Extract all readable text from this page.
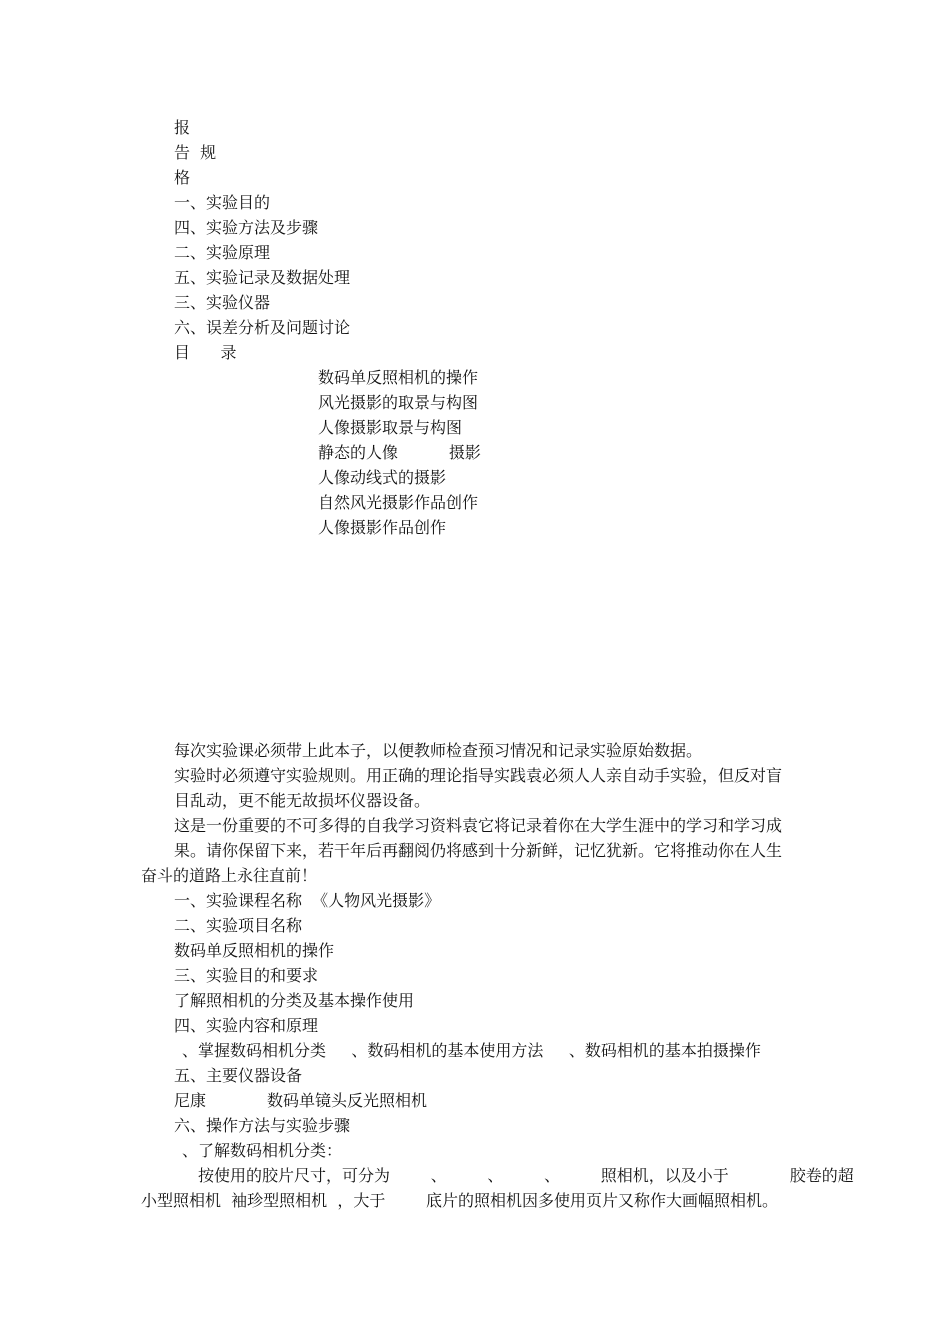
报
告  规
格
一、实验目的
四、实验方法及步骤
二、实验原理
五、实验记录及数据处理
三、实验仪器
六、误差分析及问题讨论
目      录
数码单反照相机的操作
风光摄影的取景与构图
人像摄影取景与构图
静态的人像          摄影
人像动线式的摄影
自然风光摄影作品创作
人像摄影作品创作
每次实验课必须带上此本子，以便教师检查预习情况和记录实验原始数据。
实验时必须遵守实验规则。用正确的理论指导实践袁必须人人亲自动手实验，但反对盲
目乱动，更不能无故损坏仪器设备。
这是一份重要的不可多得的自我学习资料袁它将记录着你在大学生涯中的学习和学习成
果。请你保留下来，若干年后再翻阅仍将感到十分新鲜，记忆犹新。它将推动你在人生
奋斗的道路上永往直前！
一、实验课程名称  《人物风光摄影》
二、实验项目名称
数码单反照相机的操作
三、实验目的和要求
了解照相机的分类及基本操作使用
四、实验内容和原理
、掌握数码相机分类     、数码相机的基本使用方法     、数码相机的基本拍摄操作
五、主要仪器设备
尼康            数码单镜头反光照相机
六、操作方法与实验步骤
、了解数码相机分类：
按使用的胶片尺寸，可分为        、        、        、        照相机，以及小于            胶卷的超
小型照相机  袖珍型照相机  ，大于        底片的照相机因多使用页片又称作大画幅照相机。
